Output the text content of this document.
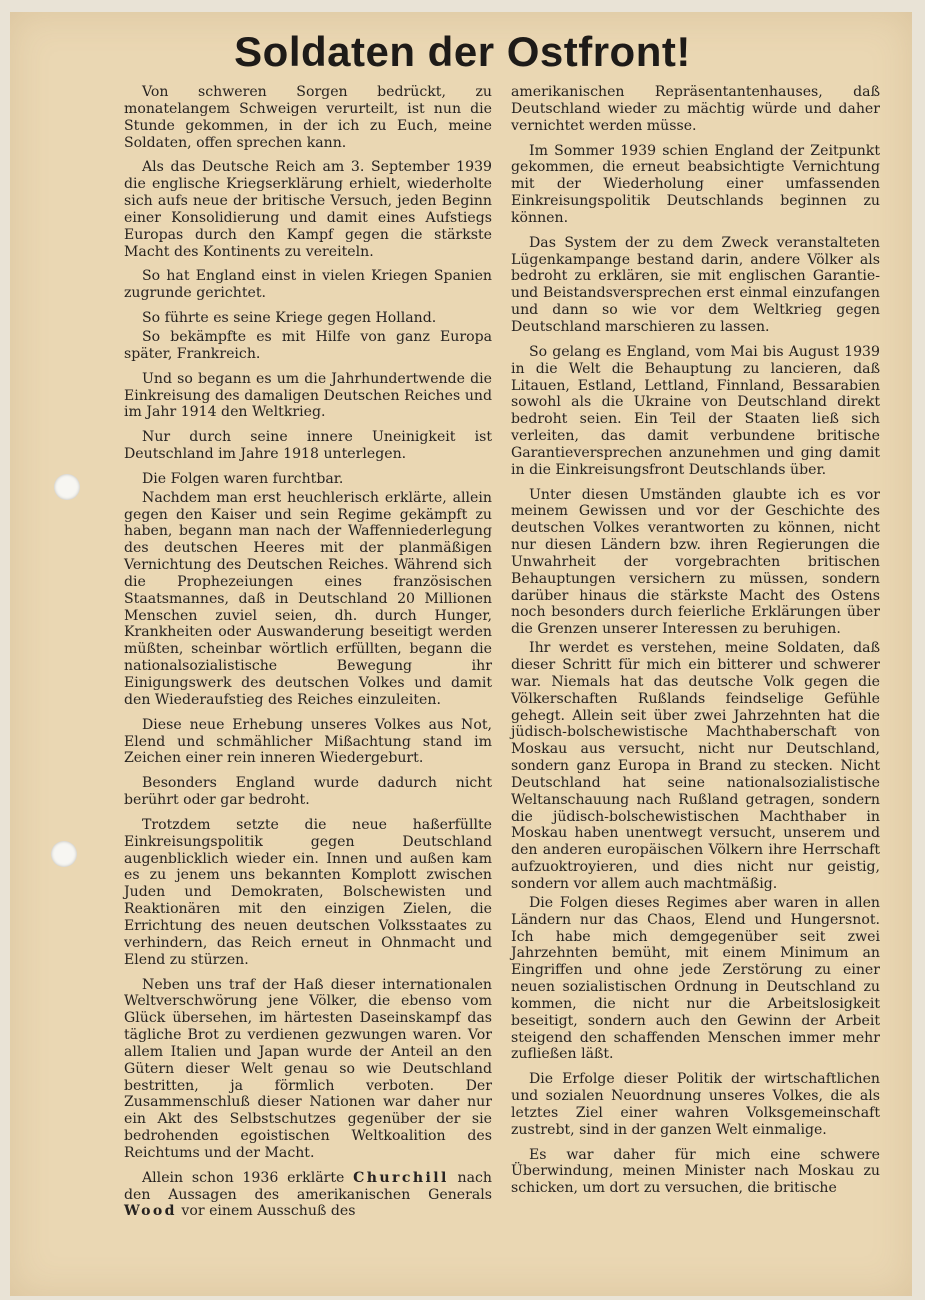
Soldaten der Ostfront!

Von schweren Sorgen bedrückt, zu monatelangem Schweigen verurteilt, ist nun die Stunde gekommen, in der ich zu Euch, meine Soldaten, offen sprechen kann.

Als das Deutsche Reich am 3. September 1939 die englische Kriegserklärung erhielt, wiederholte sich aufs neue der britische Versuch, jeden Beginn einer Konsolidierung und damit eines Aufstiegs Europas durch den Kampf gegen die stärkste Macht des Kontinents zu vereiteln.

So hat England einst in vielen Kriegen Spanien zugrunde gerichtet.

So führte es seine Kriege gegen Holland.

So bekämpfte es mit Hilfe von ganz Europa später, Frankreich.

Und so begann es um die Jahrhundertwende die Einkreisung des damaligen Deutschen Reiches und im Jahr 1914 den Weltkrieg.

Nur durch seine innere Uneinigkeit ist Deutschland im Jahre 1918 unterlegen.

Die Folgen waren furchtbar.

Nachdem man erst heuchlerisch erklärte, allein gegen den Kaiser und sein Regime gekämpft zu haben, begann man nach der Waffenniederlegung des deutschen Heeres mit der planmäßigen Vernichtung des Deutschen Reiches. Während sich die Prophezeiungen eines französischen Staatsmannes, daß in Deutschland 20 Millionen Menschen zuviel seien, dh. durch Hunger, Krankheiten oder Auswanderung beseitigt werden müßten, scheinbar wörtlich erfüllten, begann die nationalsozialistische Bewegung ihr Einigungswerk des deutschen Volkes und damit den Wiederaufstieg des Reiches einzuleiten.

Diese neue Erhebung unseres Volkes aus Not, Elend und schmählicher Mißachtung stand im Zeichen einer rein inneren Wiedergeburt.

Besonders England wurde dadurch nicht berührt oder gar bedroht.

Trotzdem setzte die neue haßerfüllte Einkreisungspolitik gegen Deutschland augenblicklich wieder ein. Innen und außen kam es zu jenem uns bekannten Komplott zwischen Juden und Demokraten, Bolschewisten und Reaktionären mit den einzigen Zielen, die Errichtung des neuen deutschen Volksstaates zu verhindern, das Reich erneut in Ohnmacht und Elend zu stürzen.

Neben uns traf der Haß dieser internationalen Weltverschwörung jene Völker, die ebenso vom Glück übersehen, im härtesten Daseinskampf das tägliche Brot zu verdienen gezwungen waren. Vor allem Italien und Japan wurde der Anteil an den Gütern dieser Welt genau so wie Deutschland bestritten, ja förmlich verboten. Der Zusammenschluß dieser Nationen war daher nur ein Akt des Selbstschutzes gegenüber der sie bedrohenden egoistischen Weltkoalition des Reichtums und der Macht.

Allein schon 1936 erklärte Churchill nach den Aussagen des amerikanischen Generals Wood vor einem Ausschuß des

amerikanischen Repräsentantenhauses, daß Deutschland wieder zu mächtig würde und daher vernichtet werden müsse.

Im Sommer 1939 schien England der Zeitpunkt gekommen, die erneut beabsichtigte Vernichtung mit der Wiederholung einer umfassenden Einkreisungspolitik Deutschlands beginnen zu können.

Das System der zu dem Zweck veranstalteten Lügenkampange bestand darin, andere Völker als bedroht zu erklären, sie mit englischen Garantie- und Beistandsversprechen erst einmal einzufangen und dann so wie vor dem Weltkrieg gegen Deutschland marschieren zu lassen.

So gelang es England, vom Mai bis August 1939 in die Welt die Behauptung zu lancieren, daß Litauen, Estland, Lettland, Finnland, Bessarabien sowohl als die Ukraine von Deutschland direkt bedroht seien. Ein Teil der Staaten ließ sich verleiten, das damit verbundene britische Garantieversprechen anzunehmen und ging damit in die Einkreisungsfront Deutschlands über.

Unter diesen Umständen glaubte ich es vor meinem Gewissen und vor der Geschichte des deutschen Volkes verantworten zu können, nicht nur diesen Ländern bzw. ihren Regierungen die Unwahrheit der vorgebrachten britischen Behauptungen versichern zu müssen, sondern darüber hinaus die stärkste Macht des Ostens noch besonders durch feierliche Erklärungen über die Grenzen unserer Interessen zu beruhigen.

Ihr werdet es verstehen, meine Soldaten, daß dieser Schritt für mich ein bitterer und schwerer war. Niemals hat das deutsche Volk gegen die Völkerschaften Rußlands feindselige Gefühle gehegt. Allein seit über zwei Jahrzehnten hat die jüdisch-bolschewistische Machthaberschaft von Moskau aus versucht, nicht nur Deutschland, sondern ganz Europa in Brand zu stecken. Nicht Deutschland hat seine nationalsozialistische Weltanschauung nach Rußland getragen, sondern die jüdisch-bolschewistischen Machthaber in Moskau haben unentwegt versucht, unserem und den anderen europäischen Völkern ihre Herrschaft aufzuoktroyieren, und dies nicht nur geistig, sondern vor allem auch machtmäßig.

Die Folgen dieses Regimes aber waren in allen Ländern nur das Chaos, Elend und Hungersnot. Ich habe mich demgegenüber seit zwei Jahrzehnten bemüht, mit einem Minimum an Eingriffen und ohne jede Zerstörung zu einer neuen sozialistischen Ordnung in Deutschland zu kommen, die nicht nur die Arbeitslosigkeit beseitigt, sondern auch den Gewinn der Arbeit steigend den schaffenden Menschen immer mehr zufließen läßt.

Die Erfolge dieser Politik der wirtschaftlichen und sozialen Neuordnung unseres Volkes, die als letztes Ziel einer wahren Volksgemeinschaft zustrebt, sind in der ganzen Welt einmalige.

Es war daher für mich eine schwere Überwindung, meinen Minister nach Moskau zu schicken, um dort zu versuchen, die britische
